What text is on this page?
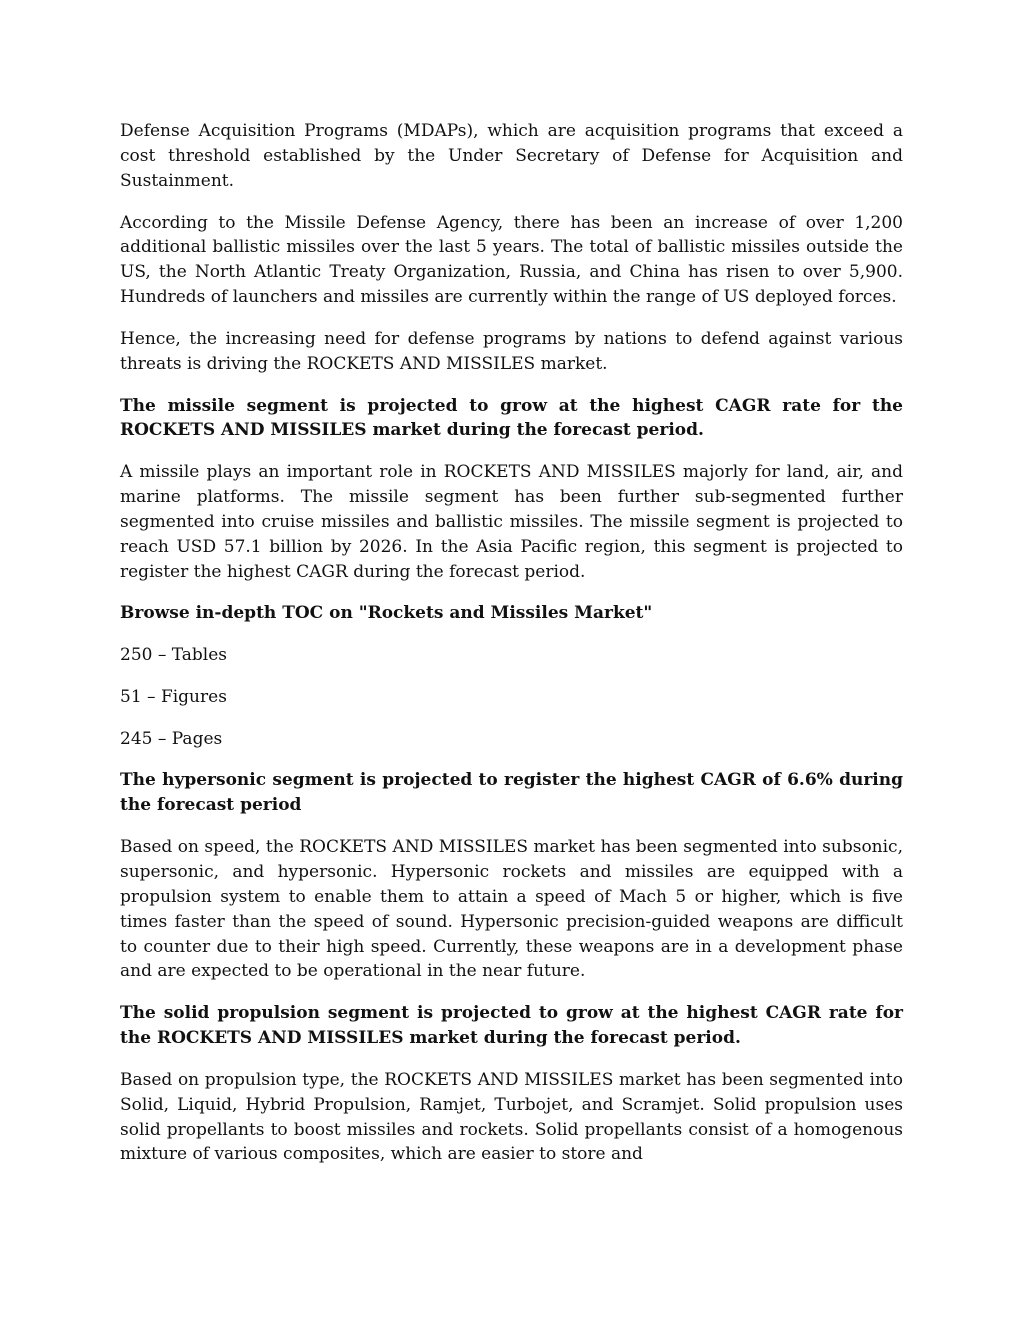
Defense Acquisition Programs (MDAPs), which are acquisition programs that exceed a cost threshold established by the Under Secretary of Defense for Acquisition and Sustainment.

According to the Missile Defense Agency, there has been an increase of over 1,200 additional ballistic missiles over the last 5 years. The total of ballistic missiles outside the US, the North Atlantic Treaty Organization, Russia, and China has risen to over 5,900. Hundreds of launchers and missiles are currently within the range of US deployed forces.

Hence, the increasing need for defense programs by nations to defend against various threats is driving the ROCKETS AND MISSILES market.

The missile segment is projected to grow at the highest CAGR rate for the ROCKETS AND MISSILES market during the forecast period.

A missile plays an important role in ROCKETS AND MISSILES majorly for land, air, and marine platforms. The missile segment has been further sub-segmented further segmented into cruise missiles and ballistic missiles. The missile segment is projected to reach USD 57.1 billion by 2026. In the Asia Pacific region, this segment is projected to register the highest CAGR during the forecast period.

Browse in-depth TOC on "Rockets and Missiles Market"

250 – Tables

51 – Figures

245 – Pages

The hypersonic segment is projected to register the highest CAGR of 6.6% during the forecast period

Based on speed, the ROCKETS AND MISSILES market has been segmented into subsonic, supersonic, and hypersonic. Hypersonic rockets and missiles are equipped with a propulsion system to enable them to attain a speed of Mach 5 or higher, which is five times faster than the speed of sound. Hypersonic precision-guided weapons are difficult to counter due to their high speed. Currently, these weapons are in a development phase and are expected to be operational in the near future.

The solid propulsion segment is projected to grow at the highest CAGR rate for the ROCKETS AND MISSILES market during the forecast period.

Based on propulsion type, the ROCKETS AND MISSILES market has been segmented into Solid, Liquid, Hybrid Propulsion, Ramjet, Turbojet, and Scramjet. Solid propulsion uses solid propellants to boost missiles and rockets. Solid propellants consist of a homogenous mixture of various composites, which are easier to store and
